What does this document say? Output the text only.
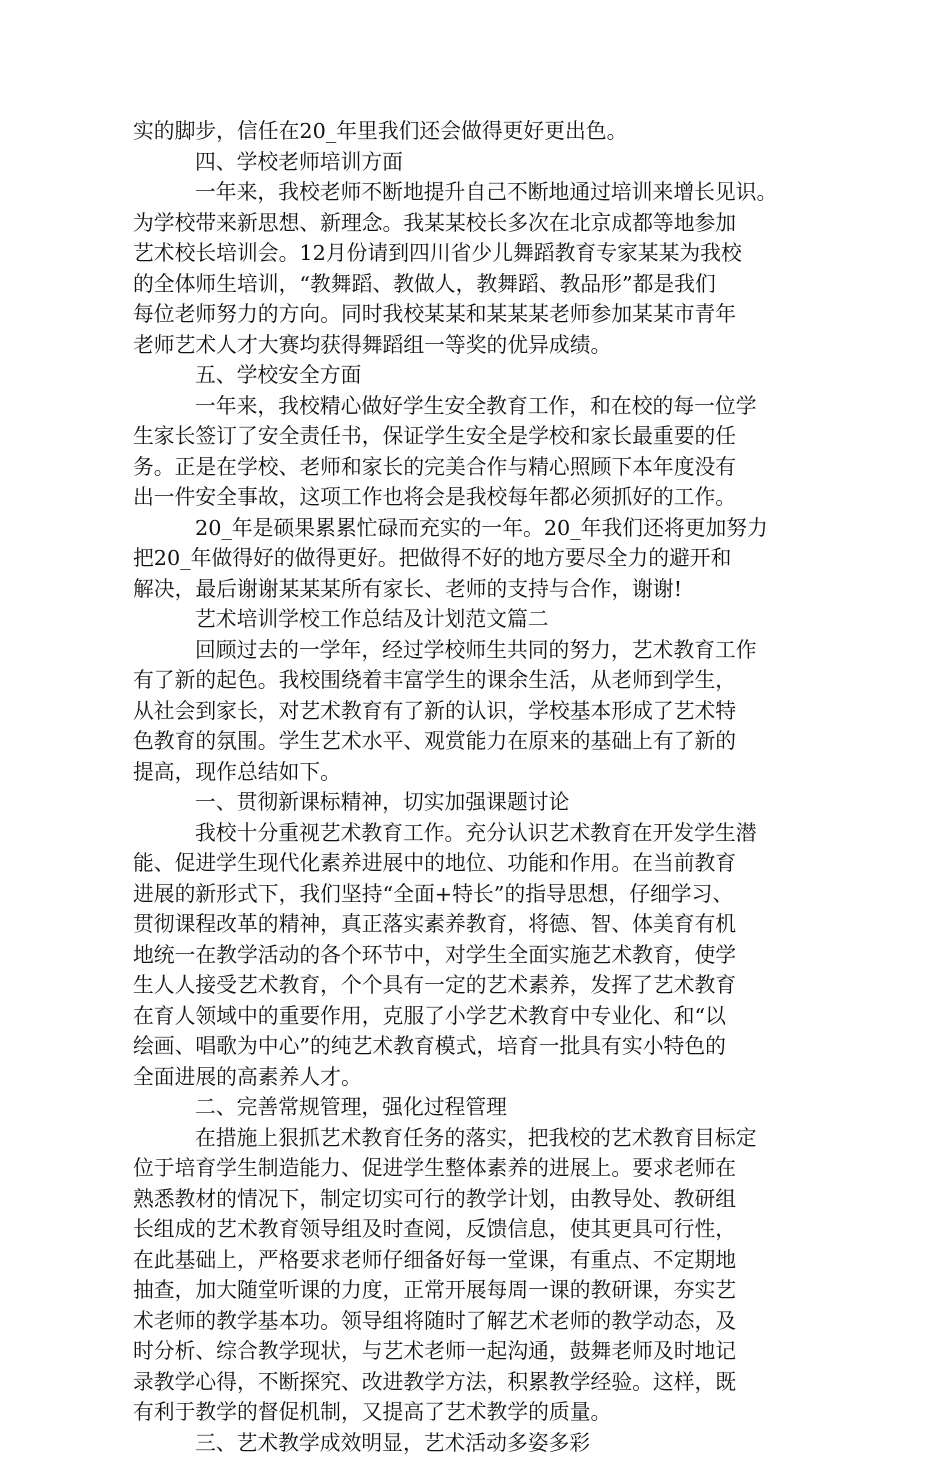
实的脚步，信任在20_年里我们还会做得更好更出色。
四、学校老师培训方面
一年来，我校老师不断地提升自己不断地通过培训来增长见识。
为学校带来新思想、新理念。我某某校长多次在北京成都等地参加
艺术校长培训会。12月份请到四川省少儿舞蹈教育专家某某为我校
的全体师生培训，“教舞蹈、教做人，教舞蹈、教品形”都是我们
每位老师努力的方向。同时我校某某和某某某老师参加某某市青年
老师艺术人才大赛均获得舞蹈组一等奖的优异成绩。
五、学校安全方面
一年来，我校精心做好学生安全教育工作，和在校的每一位学
生家长签订了安全责任书，保证学生安全是学校和家长最重要的任
务。正是在学校、老师和家长的完美合作与精心照顾下本年度没有
出一件安全事故，这项工作也将会是我校每年都必须抓好的工作。
20_年是硕果累累忙碌而充实的一年。20_年我们还将更加努力
把20_年做得好的做得更好。把做得不好的地方要尽全力的避开和
解决，最后谢谢某某某所有家长、老师的支持与合作，谢谢!
艺术培训学校工作总结及计划范文篇二
回顾过去的一学年，经过学校师生共同的努力，艺术教育工作
有了新的起色。我校围绕着丰富学生的课余生活，从老师到学生，
从社会到家长，对艺术教育有了新的认识，学校基本形成了艺术特
色教育的氛围。学生艺术水平、观赏能力在原来的基础上有了新的
提高，现作总结如下。
一、贯彻新课标精神，切实加强课题讨论
我校十分重视艺术教育工作。充分认识艺术教育在开发学生潜
能、促进学生现代化素养进展中的地位、功能和作用。在当前教育
进展的新形式下，我们坚持“全面+特长”的指导思想，仔细学习、
贯彻课程改革的精神，真正落实素养教育，将德、智、体美育有机
地统一在教学活动的各个环节中，对学生全面实施艺术教育，使学
生人人接受艺术教育，个个具有一定的艺术素养，发挥了艺术教育
在育人领域中的重要作用，克服了小学艺术教育中专业化、和“以
绘画、唱歌为中心”的纯艺术教育模式，培育一批具有实小特色的
全面进展的高素养人才。
二、完善常规管理，强化过程管理
在措施上狠抓艺术教育任务的落实，把我校的艺术教育目标定
位于培育学生制造能力、促进学生整体素养的进展上。要求老师在
熟悉教材的情况下，制定切实可行的教学计划，由教导处、教研组
长组成的艺术教育领导组及时查阅，反馈信息，使其更具可行性，
在此基础上，严格要求老师仔细备好每一堂课，有重点、不定期地
抽查，加大随堂听课的力度，正常开展每周一课的教研课，夯实艺
术老师的教学基本功。领导组将随时了解艺术老师的教学动态，及
时分析、综合教学现状，与艺术老师一起沟通，鼓舞老师及时地记
录教学心得，不断探究、改进教学方法，积累教学经验。这样，既
有利于教学的督促机制，又提高了艺术教学的质量。
三、艺术教学成效明显，艺术活动多姿多彩
